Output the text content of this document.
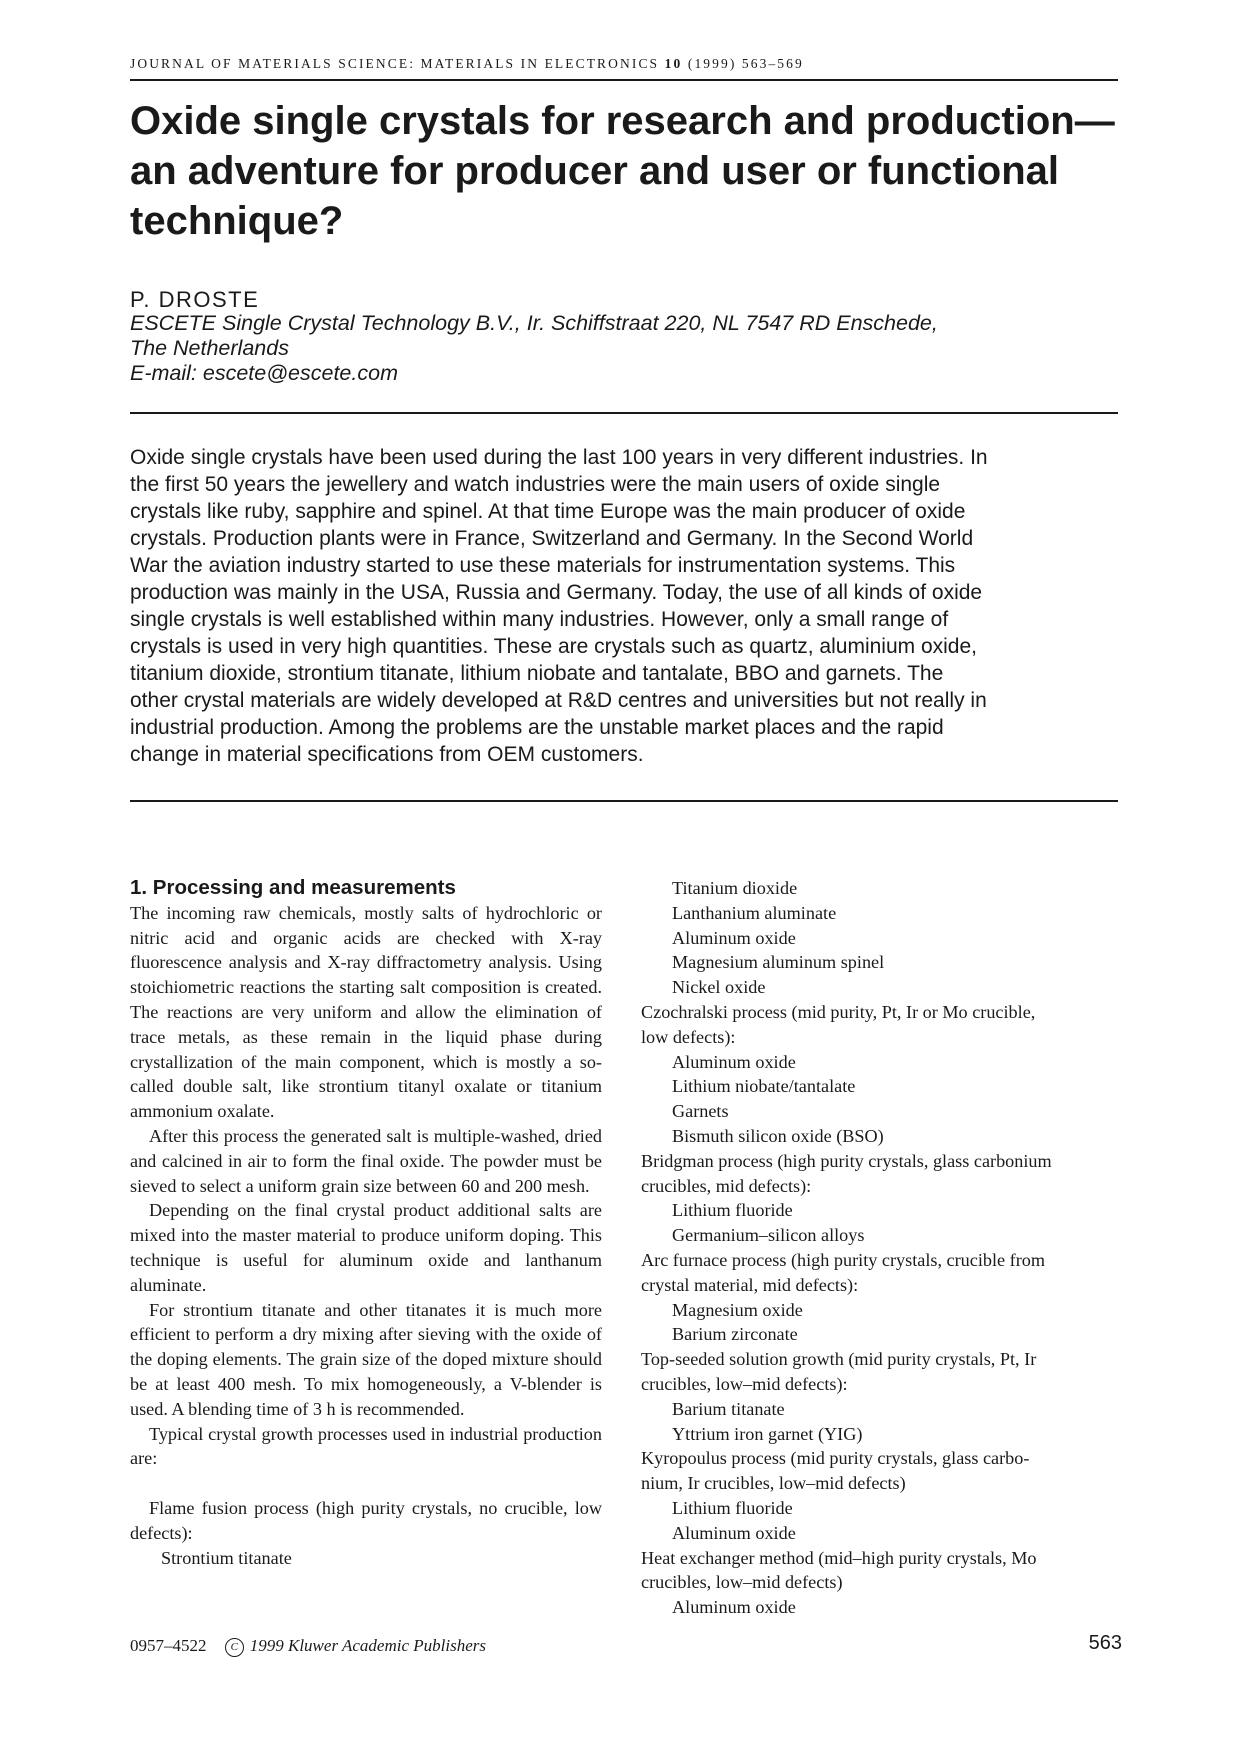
JOURNAL OF MATERIALS SCIENCE: MATERIALS IN ELECTRONICS 10 (1999) 563–569
Oxide single crystals for research and production—
an adventure for producer and user or functional
technique?
P. DROSTE
ESCETE Single Crystal Technology B.V., Ir. Schiffstraat 220, NL 7547 RD Enschede,
The Netherlands
E-mail: escete@escete.com

Oxide single crystals have been used during the last 100 years in very different industries. In
the first 50 years the jewellery and watch industries were the main users of oxide single
crystals like ruby, sapphire and spinel. At that time Europe was the main producer of oxide
crystals. Production plants were in France, Switzerland and Germany. In the Second World
War the aviation industry started to use these materials for instrumentation systems. This
production was mainly in the USA, Russia and Germany. Today, the use of all kinds of oxide
single crystals is well established within many industries. However, only a small range of
crystals is used in very high quantities. These are crystals such as quartz, aluminium oxide,
titanium dioxide, strontium titanate, lithium niobate and tantalate, BBO and garnets. The
other crystal materials are widely developed at R&D centres and universities but not really in
industrial production. Among the problems are the unstable market places and the rapid
change in material specifications from OEM customers.

1. Processing and measurements

The incoming raw chemicals, mostly salts of hydrochloric or nitric acid and organic acids are checked with X-ray fluorescence analysis and X-ray diffractometry analysis. Using stoichiometric reactions the starting salt composition is created. The reactions are very uniform and allow the elimination of trace metals, as these remain in the liquid phase during crystallization of the main component, which is mostly a so-called double salt, like strontium titanyl oxalate or titanium ammonium oxalate.

After this process the generated salt is multiple-washed, dried and calcined in air to form the final oxide. The powder must be sieved to select a uniform grain size between 60 and 200 mesh.

Depending on the final crystal product additional salts are mixed into the master material to produce uniform doping. This technique is useful for aluminum oxide and lanthanum aluminate.

For strontium titanate and other titanates it is much more efficient to perform a dry mixing after sieving with the oxide of the doping elements. The grain size of the doped mixture should be at least 400 mesh. To mix homogeneously, a V-blender is used. A blending time of 3 h is recommended.

Typical crystal growth processes used in industrial production are:

Flame fusion process (high purity crystals, no crucible, low defects):

Strontium titanate
Titanium dioxide
Lanthanium aluminate
Aluminum oxide
Magnesium aluminum spinel
Nickel oxide
Czochralski process (mid purity, Pt, Ir or Mo crucible,
low defects):
Aluminum oxide
Lithium niobate/tantalate
Garnets
Bismuth silicon oxide (BSO)
Bridgman process (high purity crystals, glass carbonium
crucibles, mid defects):
Lithium fluoride
Germanium–silicon alloys
Arc furnace process (high purity crystals, crucible from
crystal material, mid defects):
Magnesium oxide
Barium zirconate
Top-seeded solution growth (mid purity crystals, Pt, Ir
crucibles, low–mid defects):
Barium titanate
Yttrium iron garnet (YIG)
Kyropoulus process (mid purity crystals, glass carbo-
nium, Ir crucibles, low–mid defects)
Lithium fluoride
Aluminum oxide
Heat exchanger method (mid–high purity crystals, Mo
crucibles, low–mid defects)
Aluminum oxide
0957–4522 C 1999 Kluwer Academic Publishers	563
